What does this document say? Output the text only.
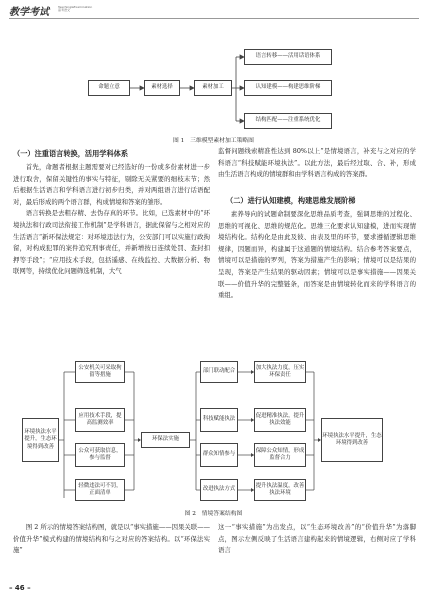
教学考试	Teaching&Examination 高考语文
命题立意	素材选择	素材加工
语言转移——活用话语体系
认知建模——构建思维阶梯
结构匹配——注重系统优化
图 1　三维模型素材加工策略图
（一）注重语言转换，活用学科体系

首先，命题者根据主题需要对已经选好的一份或多份素材进一步进行取舍，保留关键性的事实与特征，剔除无关紧要的细枝末节；然后根据生活语言和学科语言进行初步归类，并对两组语言进行话语配对，最后形成的两个语言群，构成情境和答案的雏形。

语言转换是去粗存精、去伪存真的环节。比如，已选素材中的“环境执法和行政司法衔接工作机制”是学科语言，据此保留与之相对应的生活语言“新环保法规定：对环境违法行为，公安部门可以实施行政拘留，对构成犯罪的案件追究刑事责任，并新增按日连续处罚、查封扣押等手段”；“应用技术手段，包括遥感、在线监控、大数据分析、物联网等，持续优化问题筛选机制，大气

监督问题线索精准性达到 80%以上”是情境语言，补充与之对应的学科语言“科技赋能环境执法”。以此方法，最后经过取、合、补，形成由生活语言构成的情境群和由学科语言构成的答案群。

（二）进行认知建模，构建思维发展阶梯

素养导向的试题命制要深化思维品质考查，强调思维的过程化、思维的可视化、思维的规范化。思维三化要求认知建模，进而实现情境结构化。结构化是由此及彼、由表及里的环节，要求遵循逻辑思维规律，因题而异，构建属于这道题的情境结构。结合参考答案要点，情境可以是措施的罗列，答案为措施产生的影响；情境可以是结果的呈现，答案是产生结果的驱动因素；情境可以是事实措施——因果关联——价值升华的完整链条，而答案是由情境转化而来的学科语言的重组。

环境执法水平提升，生态环境得到改善
公安机关可采取拘留等措施
应用技术手段，提高监测效率
公众可获取信息，参与监督
轻微违法可不罚，正面清单
环保法实施
部门联动配合
科技赋能执法
群众知情参与
改进执法方式
加大执法力度，压实环保责任
促进精准执法，提升执法效能
保障公众知情，形成监督合力
提升执法温度，改善执法环境
环境执法水平提升，生态环境得到改善
图 2　情境答案结构图

图 2 所示的情境答案结构图，就是以“事实措施——因果关联——价值升华”模式构建的情境结构和与之对应的答案结构。以“环保法实施”

这一“事实措施”为出发点，以“生态环境改善”的“价值升华”为落脚点，图示左侧反映了生活语言建构起来的情境逻辑，右侧对应了学科语言

– 46 –
